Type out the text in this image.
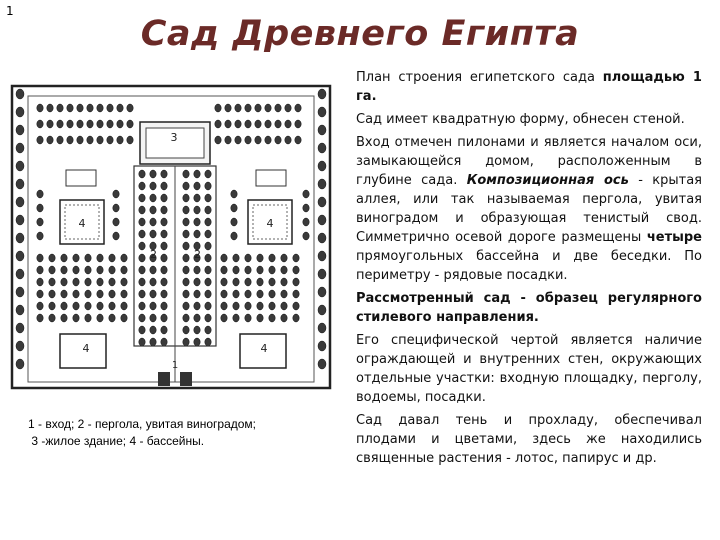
1
Сад Древнего Египта
3
2	2
4	4
4	4
1
1 - вход; 2 - пергола, увитая виноградом;
3 -жилое здание; 4 - бассейны.

План строения египетского сада площадью 1 га.

Сад имеет квадратную форму, обнесен стеной.

Вход отмечен пилонами и является началом оси, замыкающейся домом, расположенным в глубине сада. Композиционная ось - крытая аллея, или так называемая пергола, увитая виноградом и образующая тенистый свод. Симметрично осевой дороге размещены четыре прямоугольных бассейна и две беседки. По периметру - рядовые посадки.

Рассмотренный сад - образец регулярного стилевого направления.

Его специфической чертой является наличие ограждающей и внутренних стен, окружающих отдельные участки: входную площадку, перголу, водоемы, посадки.

Сад давал тень и прохладу, обеспечивал плодами и цветами, здесь же находились священные растения - лотос, папирус и др.
